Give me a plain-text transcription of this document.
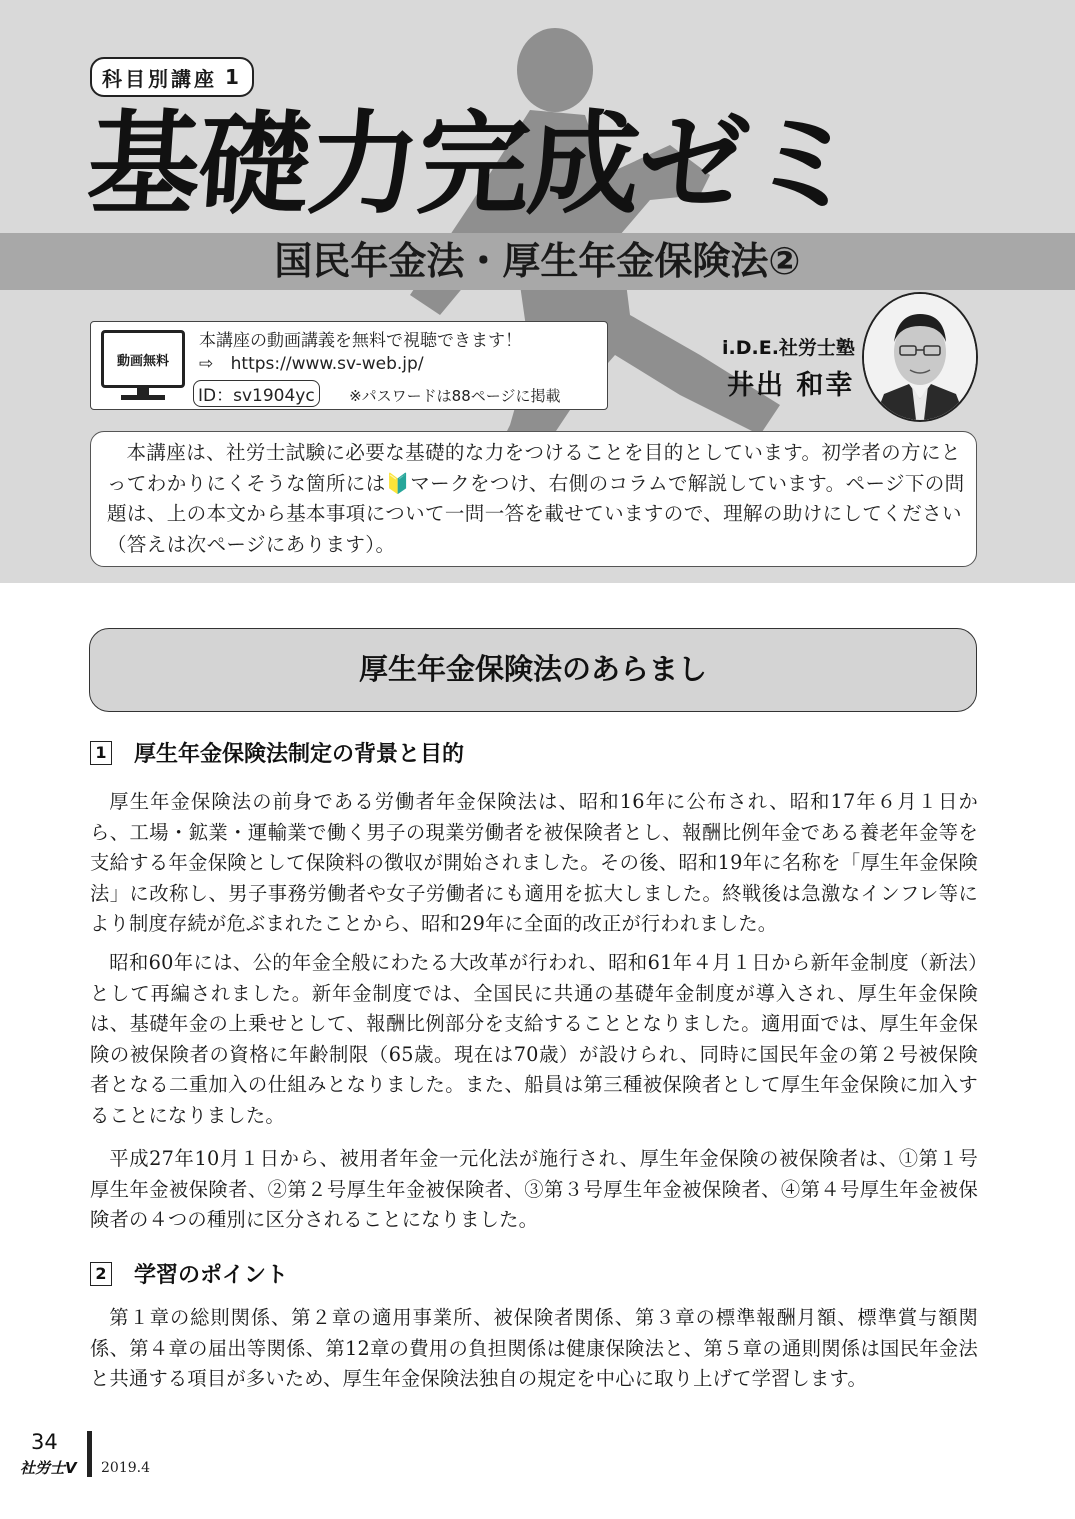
科目別講座 1
基礎力完成ゼミ
国民年金法・厚生年金保険法②
動画無料
本講座の動画講義を無料で視聴できます！
⇨ https://www.sv-web.jp/
ID：sv1904yc ※パスワードは88ページに掲載
i.D.E.社労士塾
井出 和幸
本講座は、社労士試験に必要な基礎的な力をつけることを目的としています。初学者の方にとってわかりにくそうな箇所には🔰マークをつけ、右側のコラムで解説しています。ページ下の問題は、上の本文から基本事項について一問一答を載せていますので、理解の助けにしてください（答えは次ページにあります）。
厚生年金保険法のあらまし
1 厚生年金保険法制定の背景と目的
厚生年金保険法の前身である労働者年金保険法は、昭和16年に公布され、昭和17年６月１日から、工場・鉱業・運輸業で働く男子の現業労働者を被保険者とし、報酬比例年金である養老年金等を支給する年金保険として保険料の徴収が開始されました。その後、昭和19年に名称を「厚生年金保険法」に改称し、男子事務労働者や女子労働者にも適用を拡大しました。終戦後は急激なインフレ等により制度存続が危ぶまれたことから、昭和29年に全面的改正が行われました。
昭和60年には、公的年金全般にわたる大改革が行われ、昭和61年４月１日から新年金制度（新法）として再編されました。新年金制度では、全国民に共通の基礎年金制度が導入され、厚生年金保険は、基礎年金の上乗せとして、報酬比例部分を支給することとなりました。適用面では、厚生年金保険の被保険者の資格に年齢制限（65歳。現在は70歳）が設けられ、同時に国民年金の第２号被保険者となる二重加入の仕組みとなりました。また、船員は第三種被保険者として厚生年金保険に加入することになりました。
平成27年10月１日から、被用者年金一元化法が施行され、厚生年金保険の被保険者は、①第１号厚生年金被保険者、②第２号厚生年金被保険者、③第３号厚生年金被保険者、④第４号厚生年金被保険者の４つの種別に区分されることになりました。
2 学習のポイント
第１章の総則関係、第２章の適用事業所、被保険者関係、第３章の標準報酬月額、標準賞与額関係、第４章の届出等関係、第12章の費用の負担関係は健康保険法と、第５章の通則関係は国民年金法と共通する項目が多いため、厚生年金保険法独自の規定を中心に取り上げて学習します。
34
社労士V 2019.4
